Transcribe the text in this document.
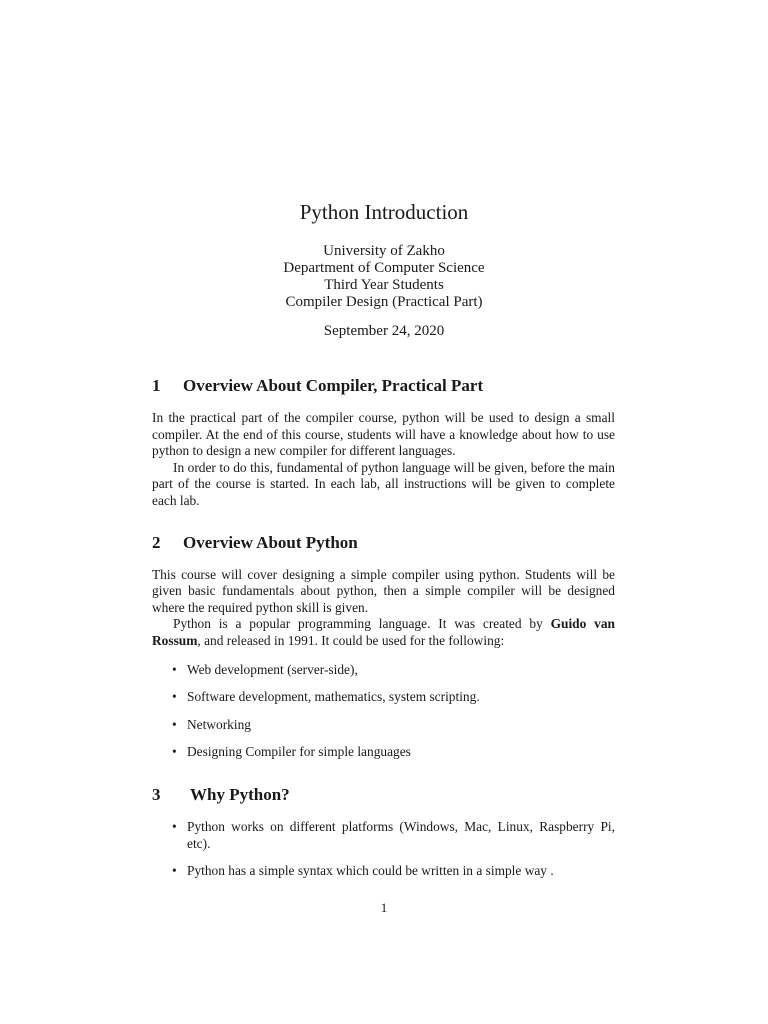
Python Introduction

University of Zakho

Department of Computer Science

Third Year Students

Compiler Design (Practical Part)

September 24, 2020
1	Overview About Compiler, Practical Part

In the practical part of the compiler course, python will be used to design a small compiler. At the end of this course, students will have a knowledge about how to use python to design a new compiler for different languages.

In order to do this, fundamental of python language will be given, before the main part of the course is started. In each lab, all instructions will be given to complete each lab.

2	Overview About Python

This course will cover designing a simple compiler using python. Students will be given basic fundamentals about python, then a simple compiler will be designed where the required python skill is given.

Python is a popular programming language. It was created by Guido van Rossum, and released in 1991. It could be used for the following:

• Web development (server-side),
• Software development, mathematics, system scripting.
• Networking
• Designing Compiler for simple languages
3	Why Python?
• Python works on different platforms (Windows, Mac, Linux, Raspberry Pi, etc).
• Python has a simple syntax which could be written in a simple way .
1
